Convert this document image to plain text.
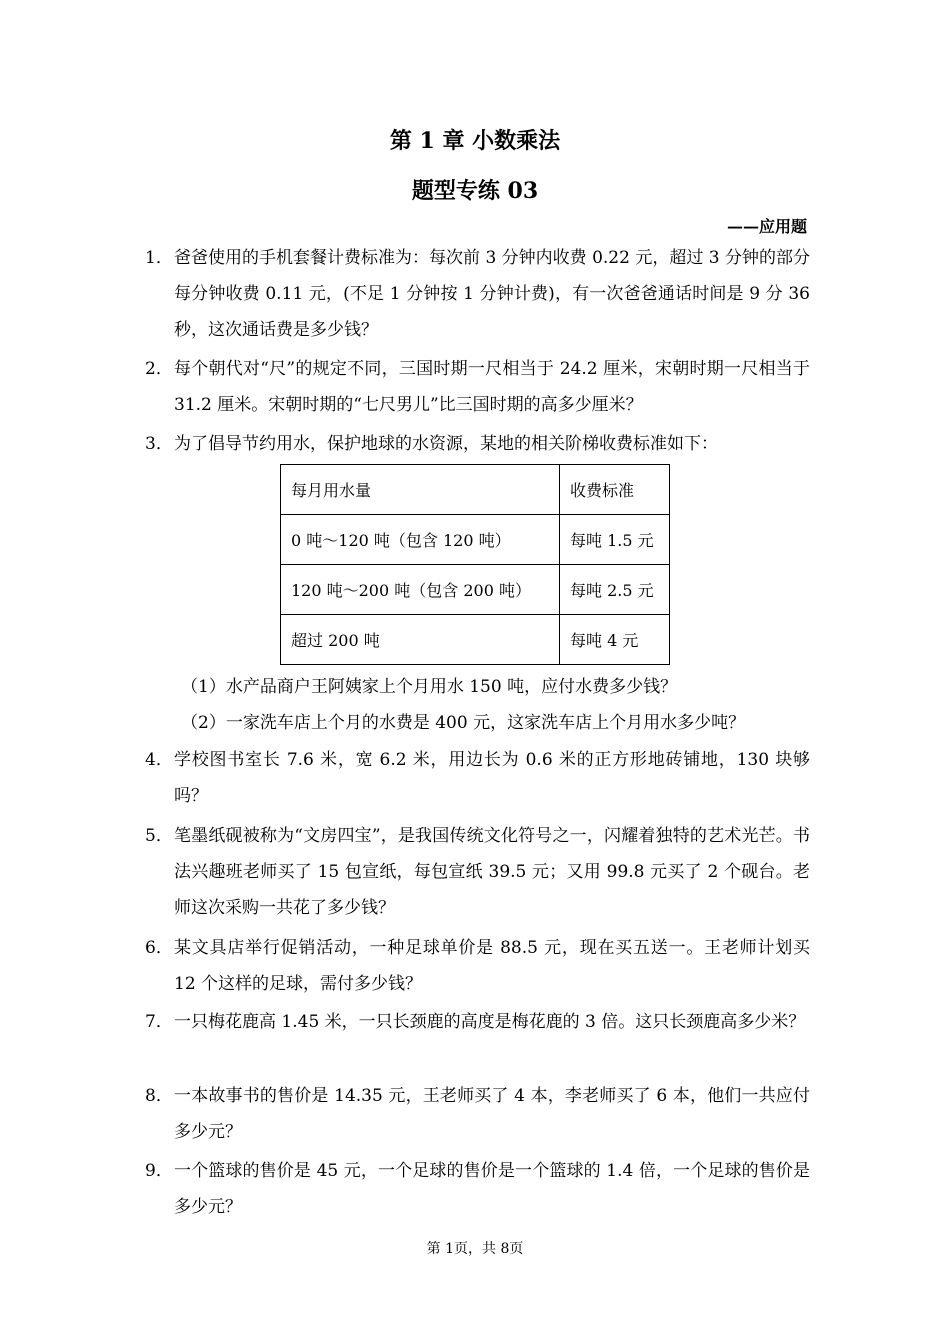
第 1 章 小数乘法
题型专练 03
——应用题
1． 爸爸使用的手机套餐计费标准为：每次前 3 分钟内收费 0.22 元，超过 3 分钟的部分每分钟收费 0.11 元，(不足 1 分钟按 1 分钟计费)，有一次爸爸通话时间是 9 分 36 秒，这次通话费是多少钱？
2． 每个朝代对“尺”的规定不同，三国时期一尺相当于 24.2 厘米，宋朝时期一尺相当于 31.2 厘米。宋朝时期的“七尺男儿”比三国时期的高多少厘米？
3． 为了倡导节约用水，保护地球的水资源，某地的相关阶梯收费标准如下：
每月用水量	收费标准
0 吨～120 吨（包含 120 吨）	每吨 1.5 元
120 吨～200 吨（包含 200 吨）	每吨 2.5 元
超过 200 吨	每吨 4 元
（1）水产品商户王阿姨家上个月用水 150 吨，应付水费多少钱？
（2）一家洗车店上个月的水费是 400 元，这家洗车店上个月用水多少吨？
4． 学校图书室长 7.6 米，宽 6.2 米，用边长为 0.6 米的正方形地砖铺地，130 块够吗？
5． 笔墨纸砚被称为“文房四宝”，是我国传统文化符号之一，闪耀着独特的艺术光芒。书法兴趣班老师买了 15 包宣纸，每包宣纸 39.5 元；又用 99.8 元买了 2 个砚台。老师这次采购一共花了多少钱？
6． 某文具店举行促销活动，一种足球单价是 88.5 元，现在买五送一。王老师计划买 12 个这样的足球，需付多少钱？
7． 一只梅花鹿高 1.45 米，一只长颈鹿的高度是梅花鹿的 3 倍。这只长颈鹿高多少米？
8． 一本故事书的售价是 14.35 元，王老师买了 4 本，李老师买了 6 本，他们一共应付多少元？
9． 一个篮球的售价是 45 元，一个足球的售价是一个篮球的 1.4 倍，一个足球的售价是多少元？
第 1页，共 8页
